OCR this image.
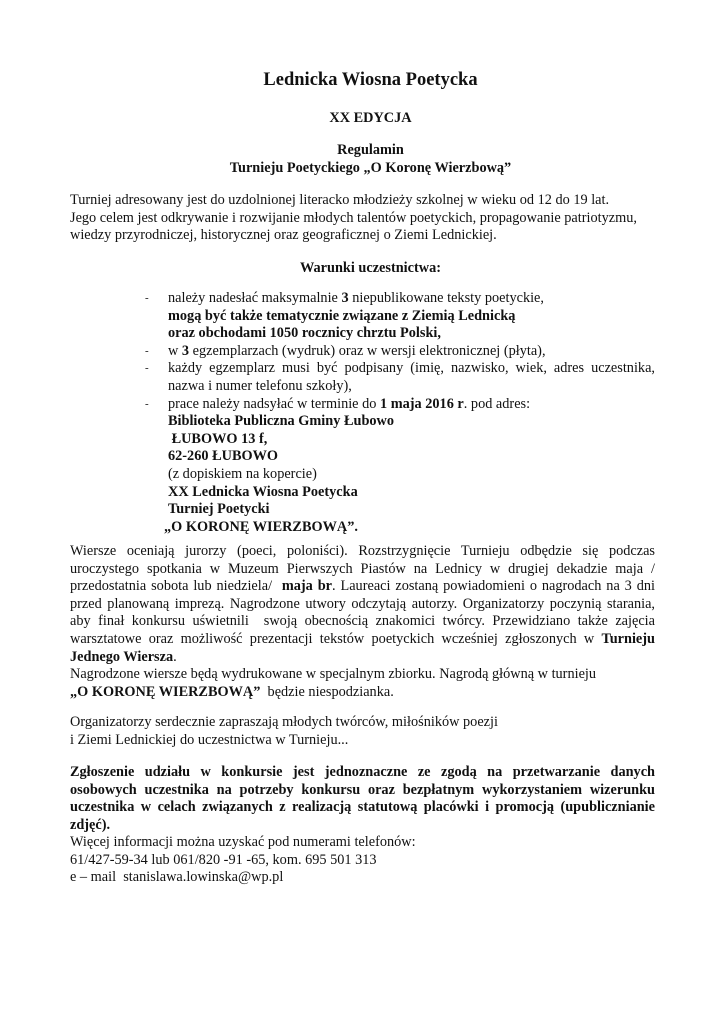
Lednicka Wiosna Poetycka
XX EDYCJA
Regulamin
Turnieju Poetyckiego „O Koronę Wierzbową”
Turniej adresowany jest do uzdolnionej literacko młodzieży szkolnej w wieku od 12 do 19 lat.
Jego celem jest odkrywanie i rozwijanie młodych talentów poetyckich, propagowanie patriotyzmu,
wiedzy przyrodniczej, historycznej oraz geograficznej o Ziemi Lednickiej.
Warunki uczestnictwa:
- należy nadesłać maksymalnie 3 niepublikowane teksty poetyckie,
mogą być także tematycznie związane z Ziemią Lednicką
oraz obchodami 1050 rocznicy chrztu Polski,
- w 3 egzemplarzach (wydruk) oraz w wersji elektronicznej (płyta),
- każdy egzemplarz musi być podpisany (imię, nazwisko, wiek, adres uczestnika,
nazwa i numer telefonu szkoły),
- prace należy nadsyłać w terminie do 1 maja 2016 r. pod adres:
Biblioteka Publiczna Gminy Łubowo
ŁUBOWO 13 f,
62-260 ŁUBOWO
(z dopiskiem na kopercie)
XX Lednicka Wiosna Poetycka
Turniej Poetycki
„O KORONĘ WIERZBOWĄ”.
Wiersze oceniają jurorzy (poeci, poloniści). Rozstrzygnięcie Turnieju odbędzie się podczas
uroczystego spotkania w Muzeum Pierwszych Piastów na Lednicy w drugiej dekadzie maja /
przedostatnia sobota lub niedziela/  maja br. Laureaci zostaną powiadomieni o nagrodach na 3 dni
przed planowaną imprezą. Nagrodzone utwory odczytają autorzy. Organizatorzy poczynią starania,
aby finał konkursu uświetnili  swoją obecnością znakomici twórcy. Przewidziano także zajęcia
warsztatowe oraz możliwość prezentacji tekstów poetyckich wcześniej zgłoszonych w Turnieju
Jednego Wiersza.
Nagrodzone wiersze będą wydrukowane w specjalnym zbiorku. Nagrodą główną w turnieju
„O KORONĘ WIERZBOWĄ”  będzie niespodzianka.
Organizatorzy serdecznie zapraszają młodych twórców, miłośników poezji
i Ziemi Lednickiej do uczestnictwa w Turnieju...
Zgłoszenie udziału w konkursie jest jednoznaczne ze zgodą na przetwarzanie danych
osobowych uczestnika na potrzeby konkursu oraz bezpłatnym wykorzystaniem wizerunku
uczestnika w celach związanych z realizacją statutową placówki i promocją (upublicznianie
zdjęć).
Więcej informacji można uzyskać pod numerami telefonów:
61/427-59-34 lub 061/820 -91 -65, kom. 695 501 313
e – mail  stanislawa.lowinska@wp.pl
